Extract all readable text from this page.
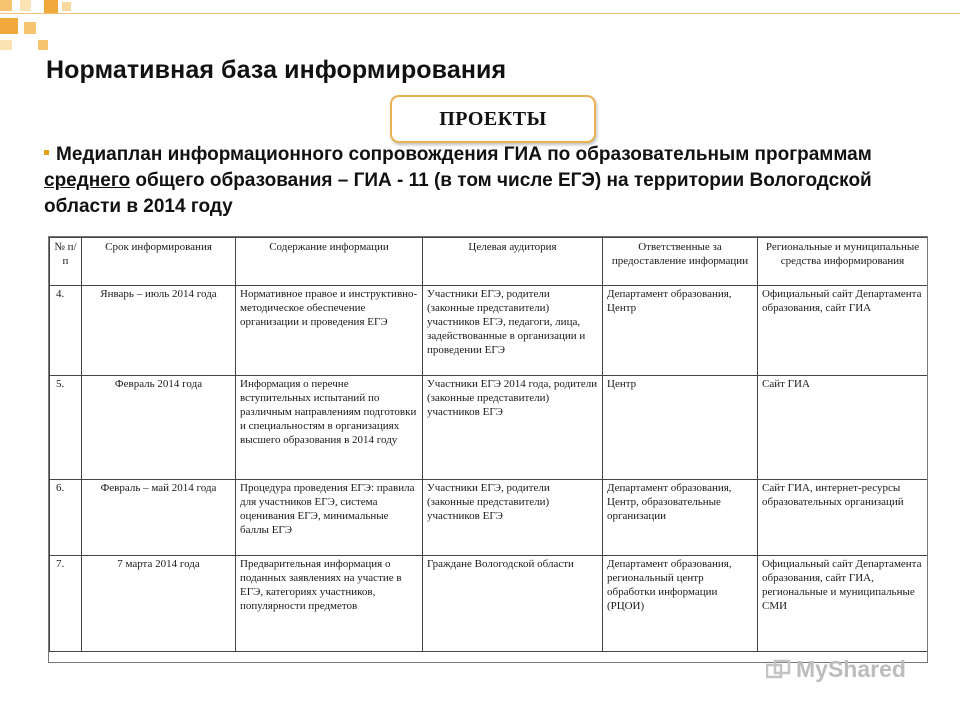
Нормативная база информирования
ПРОЕКТЫ
Медиаплан информационного сопровождения ГИА по образовательным программам среднего общего образования – ГИА - 11 (в том числе ЕГЭ) на территории Вологодской области в 2014 году
№ п/п	Срок информирования	Содержание информации	Целевая аудитория	Ответственные за предоставление информации	Региональные и муниципальные средства информирования
4.	Январь – июль 2014 года	Нормативное правое и инструктивно-методическое обеспечение организации и проведения ЕГЭ	Участники ЕГЭ, родители (законные представители) участников ЕГЭ, педагоги, лица, задействованные в организации и проведении ЕГЭ	Департамент образования, Центр	Официальный сайт Департамента образования, сайт ГИА
5.	Февраль 2014 года	Информация о перечне вступительных испытаний по различным направлениям подготовки и специальностям в организациях высшего образования в 2014 году	Участники ЕГЭ 2014 года, родители (законные представители) участников ЕГЭ	Центр	Сайт ГИА
6.	Февраль – май 2014 года	Процедура проведения ЕГЭ: правила для участников ЕГЭ, система оценивания ЕГЭ, минимальные баллы ЕГЭ	Участники ЕГЭ, родители (законные представители) участников ЕГЭ	Департамент образования, Центр, образовательные организации	Сайт ГИА, интернет-ресурсы образовательных организаций
7.	7 марта 2014 года	Предварительная информация о поданных заявлениях на участие в ЕГЭ, категориях участников, популярности предметов	Граждане Вологодской области	Департамент образования, региональный центр обработки информации (РЦОИ)	Официальный сайт Департамента образования, сайт ГИА, региональные и муниципальные СМИ
MyShared
